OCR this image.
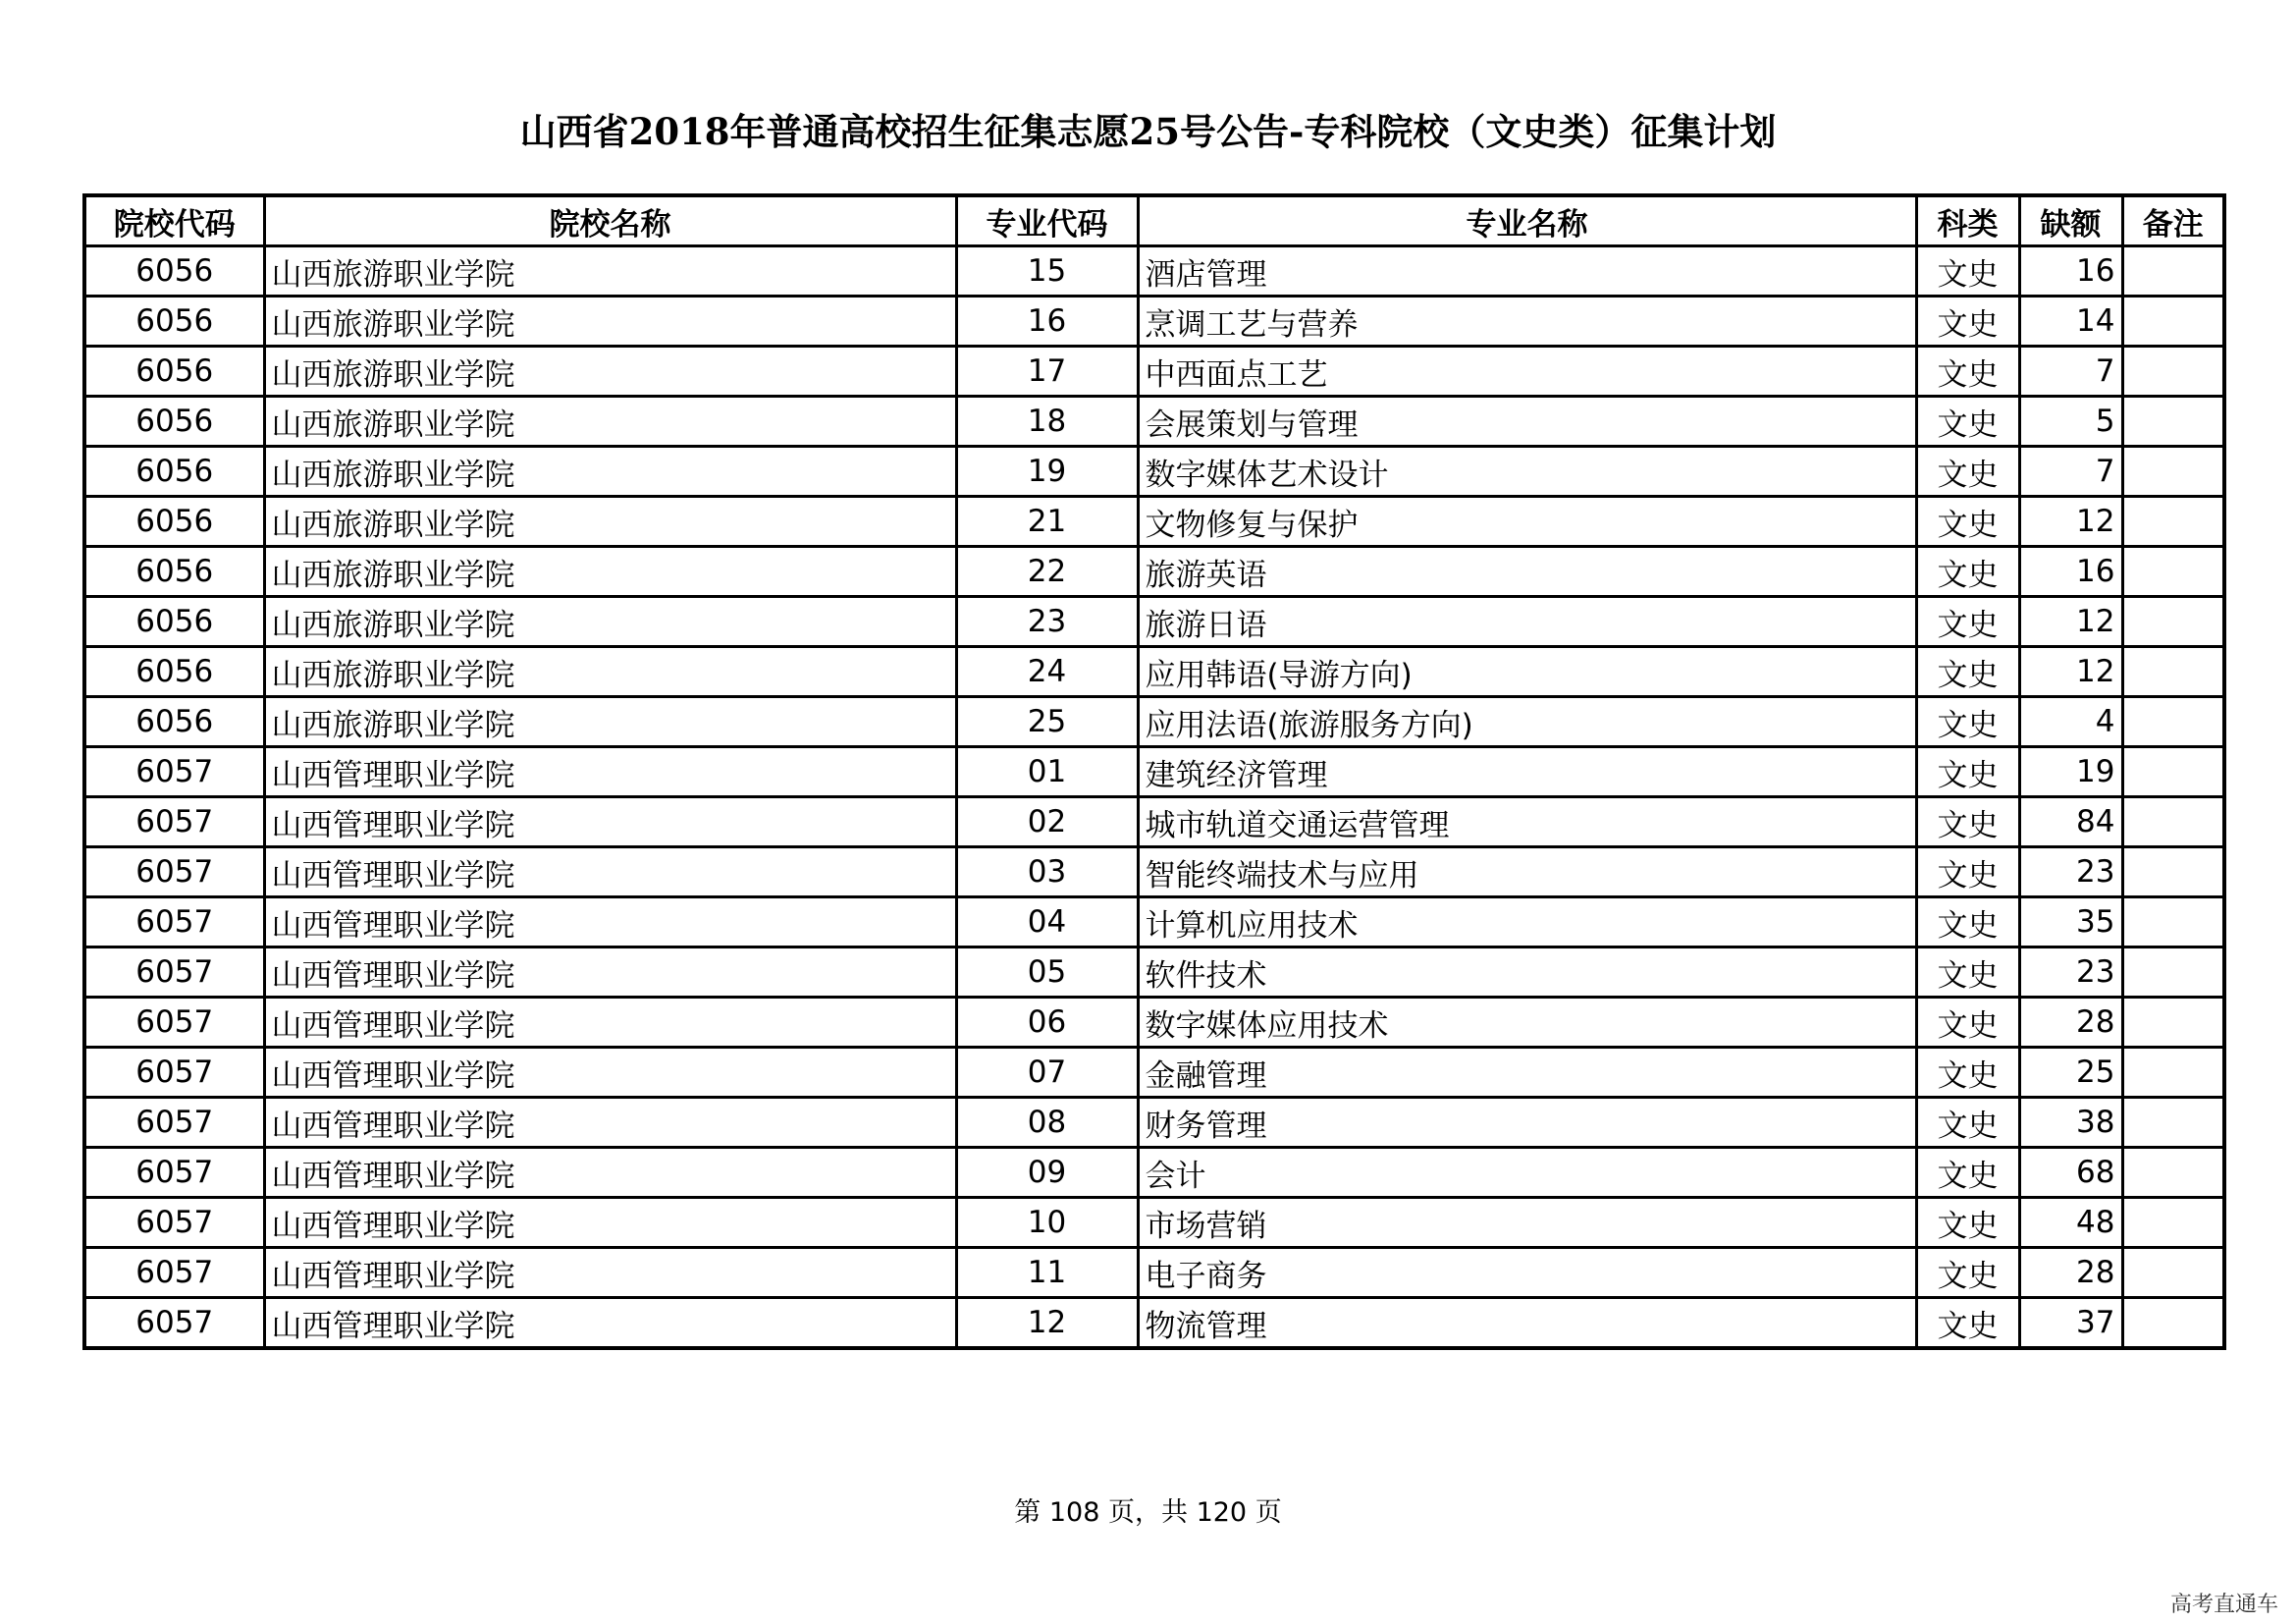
山西省2018年普通高校招生征集志愿25号公告-专科院校（文史类）征集计划
院校代码	院校名称	专业代码	专业名称	科类	缺额	备注
6056	山西旅游职业学院	15	酒店管理	文史	16	
6056	山西旅游职业学院	16	烹调工艺与营养	文史	14	
6056	山西旅游职业学院	17	中西面点工艺	文史	7	
6056	山西旅游职业学院	18	会展策划与管理	文史	5	
6056	山西旅游职业学院	19	数字媒体艺术设计	文史	7	
6056	山西旅游职业学院	21	文物修复与保护	文史	12	
6056	山西旅游职业学院	22	旅游英语	文史	16	
6056	山西旅游职业学院	23	旅游日语	文史	12	
6056	山西旅游职业学院	24	应用韩语(导游方向)	文史	12	
6056	山西旅游职业学院	25	应用法语(旅游服务方向)	文史	4	
6057	山西管理职业学院	01	建筑经济管理	文史	19	
6057	山西管理职业学院	02	城市轨道交通运营管理	文史	84	
6057	山西管理职业学院	03	智能终端技术与应用	文史	23	
6057	山西管理职业学院	04	计算机应用技术	文史	35	
6057	山西管理职业学院	05	软件技术	文史	23	
6057	山西管理职业学院	06	数字媒体应用技术	文史	28	
6057	山西管理职业学院	07	金融管理	文史	25	
6057	山西管理职业学院	08	财务管理	文史	38	
6057	山西管理职业学院	09	会计	文史	68	
6057	山西管理职业学院	10	市场营销	文史	48	
6057	山西管理职业学院	11	电子商务	文史	28	
6057	山西管理职业学院	12	物流管理	文史	37	
第 108 页，共 120 页
高考直通车
